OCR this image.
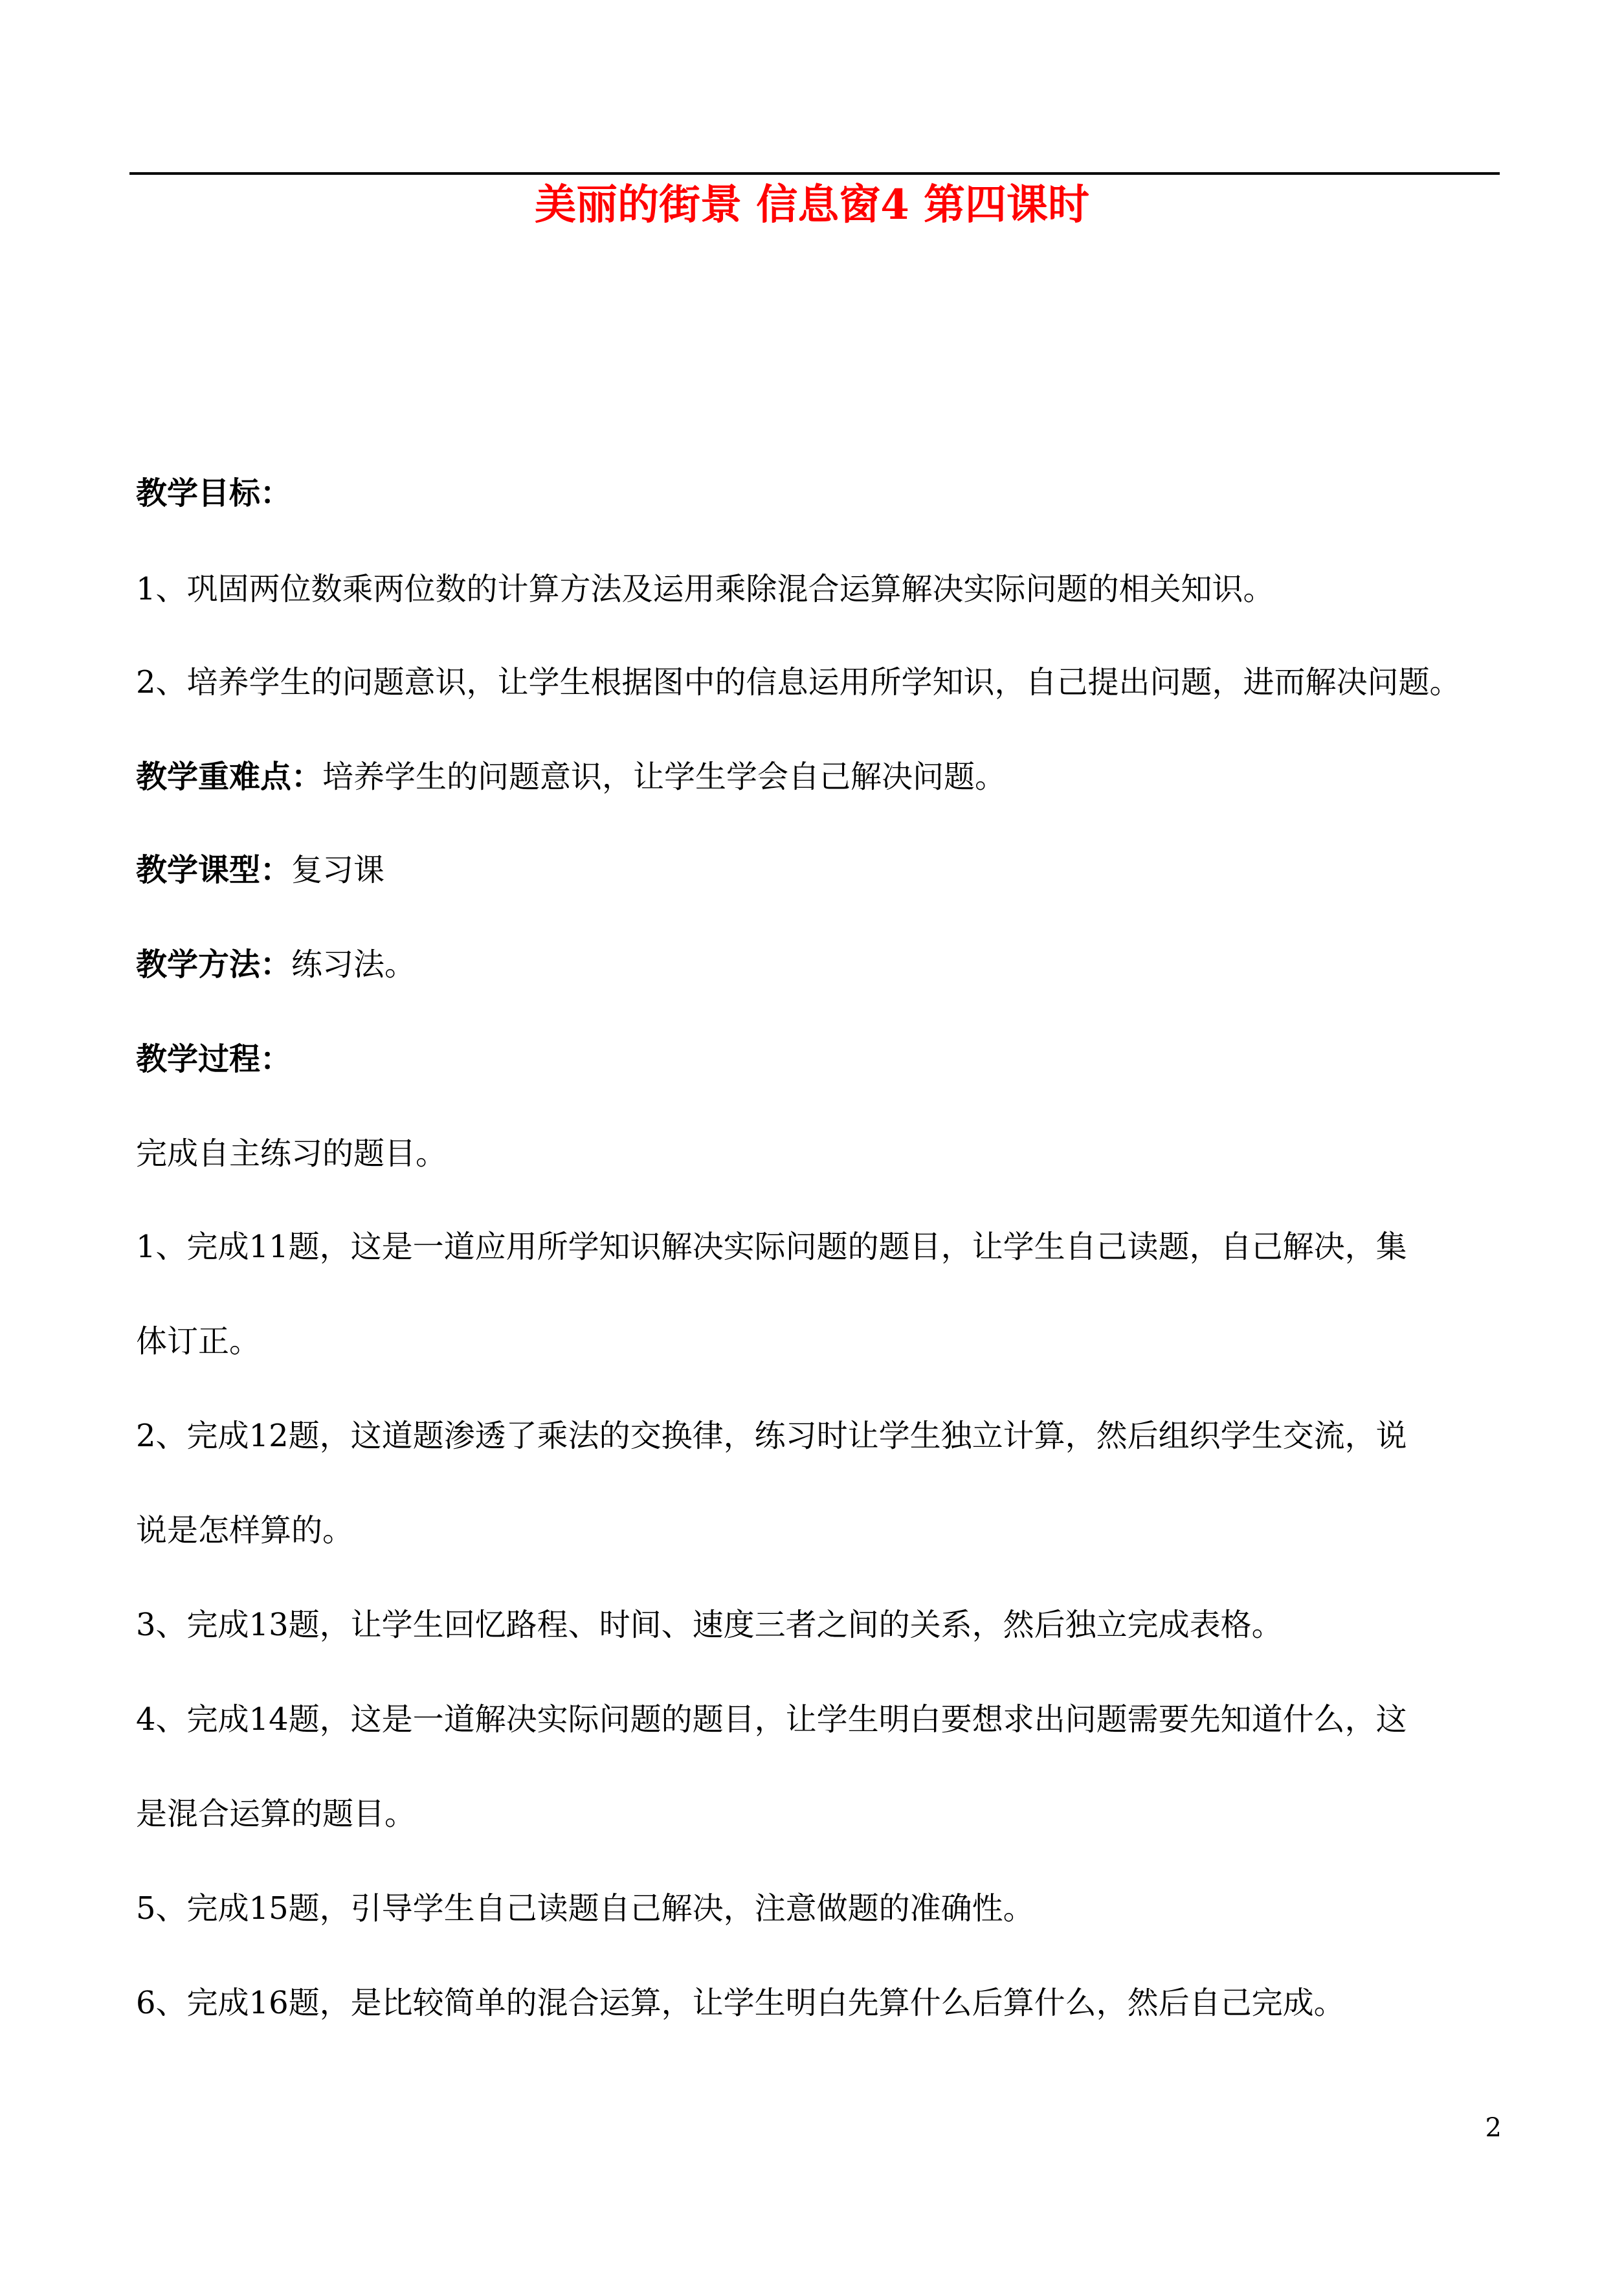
美丽的街景 信息窗4 第四课时
教学目标：
1、巩固两位数乘两位数的计算方法及运用乘除混合运算解决实际问题的相关知识。
2、培养学生的问题意识，让学生根据图中的信息运用所学知识，自己提出问题，进而解决问题。
教学重难点：培养学生的问题意识，让学生学会自己解决问题。
教学课型：复习课
教学方法：练习法。
教学过程：
完成自主练习的题目。
1、完成11题，这是一道应用所学知识解决实际问题的题目，让学生自己读题，自己解决，集
体订正。
2、完成12题，这道题渗透了乘法的交换律，练习时让学生独立计算，然后组织学生交流，说
说是怎样算的。
3、完成13题，让学生回忆路程、时间、速度三者之间的关系，然后独立完成表格。
4、完成14题，这是一道解决实际问题的题目，让学生明白要想求出问题需要先知道什么，这
是混合运算的题目。
5、完成15题，引导学生自己读题自己解决，注意做题的准确性。
6、完成16题，是比较简单的混合运算，让学生明白先算什么后算什么，然后自己完成。
2
